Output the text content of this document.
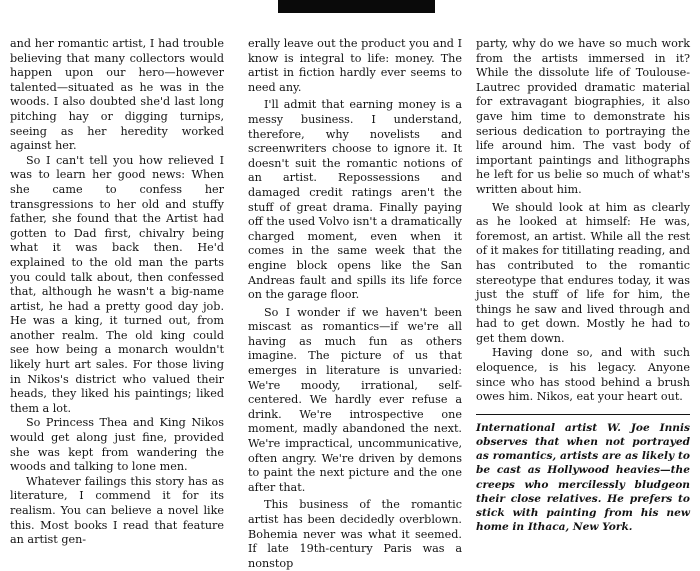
and her romantic artist, I had trouble believing that many collectors would happen upon our hero—however talented—situated as he was in the woods. I also doubted she'd last long pitching hay or digging turnips, seeing as her heredity worked against her.

So I can't tell you how relieved I was to learn her good news: When she came to confess her transgressions to her old and stuffy father, she found that the Artist had gotten to Dad first, chivalry being what it was back then. He'd explained to the old man the parts you could talk about, then confessed that, although he wasn't a big-name artist, he had a pretty good day job. He was a king, it turned out, from another realm. The old king could see how being a monarch wouldn't likely hurt art sales. For those living in Nikos's district who valued their heads, they liked his paintings; liked them a lot.

So Princess Thea and King Nikos would get along just fine, provided she was kept from wandering the woods and talking to lone men.

Whatever failings this story has as literature, I commend it for its realism. You can believe a novel like this. Most books I read that feature an artist gen-

erally leave out the product you and I know is integral to life: money. The artist in fiction hardly ever seems to need any.

I'll admit that earning money is a messy business. I understand, therefore, why novelists and screenwriters choose to ignore it. It doesn't suit the romantic notions of an artist. Repossessions and damaged credit ratings aren't the stuff of great drama. Finally paying off the used Volvo isn't a dramatically charged moment, even when it comes in the same week that the engine block opens like the San Andreas fault and spills its life force on the garage floor.

So I wonder if we haven't been miscast as romantics—if we're all having as much fun as others imagine. The picture of us that emerges in literature is unvaried: We're moody, irrational, self-centered. We hardly ever refuse a drink. We're introspective one moment, madly abandoned the next. We're impractical, uncommunicative, often angry. We're driven by demons to paint the next picture and the one after that.

This business of the romantic artist has been decidedly overblown. Bohemia never was what it seemed. If late 19th-century Paris was a nonstop

party, why do we have so much work from the artists immersed in it? While the dissolute life of Toulouse-Lautrec provided dramatic material for extravagant biographies, it also gave him time to demonstrate his serious dedication to portraying the life around him. The vast body of important paintings and lithographs he left for us belie so much of what's written about him.

We should look at him as clearly as he looked at himself: He was, foremost, an artist. While all the rest of it makes for titillating reading, and has contributed to the romantic stereotype that endures today, it was just the stuff of life for him, the things he saw and lived through and had to get down. Mostly he had to get them down.

Having done so, and with such eloquence, is his legacy. Anyone since who has stood behind a brush owes him. Nikos, eat your heart out.

International artist W. Joe Innis observes that when not portrayed as romantics, artists are as likely to be cast as Hollywood heavies—the creeps who mercilessly bludgeon their close relatives. He prefers to stick with painting from his new home in Ithaca, New York.
